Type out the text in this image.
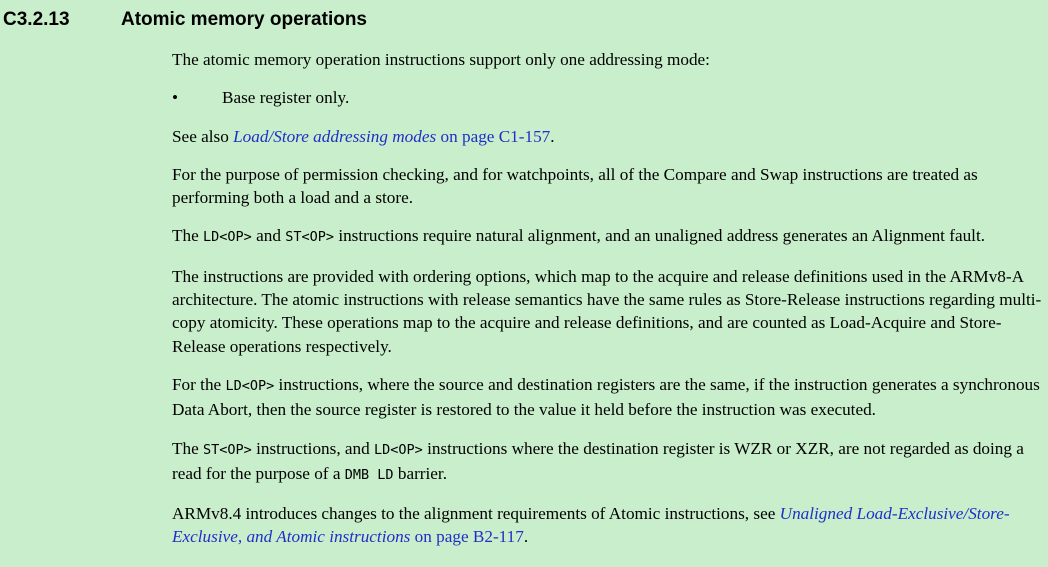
C3.2.13	Atomic memory operations

The atomic memory operation instructions support only one addressing mode:

•	Base register only.

See also Load/Store addressing modes on page C1-157.

For the purpose of permission checking, and for watchpoints, all of the Compare and Swap instructions are treated as performing both a load and a store.

The LD<OP> and ST<OP> instructions require natural alignment, and an unaligned address generates an Alignment fault.

The instructions are provided with ordering options, which map to the acquire and release definitions used in the ARMv8-A architecture. The atomic instructions with release semantics have the same rules as Store-Release instructions regarding multi-copy atomicity. These operations map to the acquire and release definitions, and are counted as Load-Acquire and Store-Release operations respectively.

For the LD<OP> instructions, where the source and destination registers are the same, if the instruction generates a synchronous Data Abort, then the source register is restored to the value it held before the instruction was executed.

The ST<OP> instructions, and LD<OP> instructions where the destination register is WZR or XZR, are not regarded as doing a read for the purpose of a DMB LD barrier.

ARMv8.4 introduces changes to the alignment requirements of Atomic instructions, see Unaligned Load-Exclusive/Store-Exclusive, and Atomic instructions on page B2-117.
